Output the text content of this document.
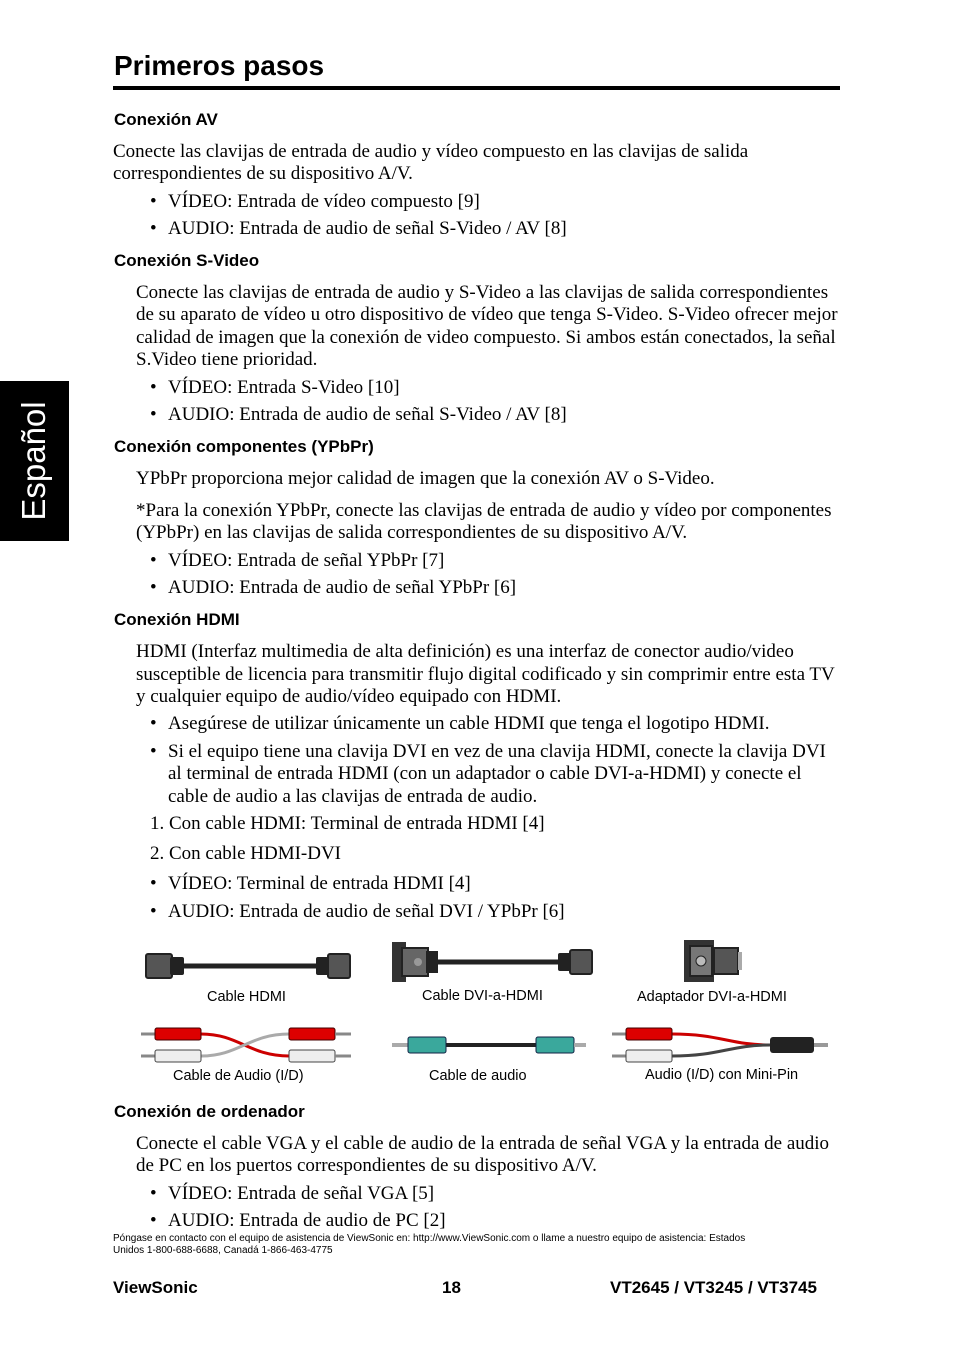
Primeros pasos
Español
Conexión AV
Conecte las clavijas de entrada de audio y vídeo compuesto en las clavijas de salida
correspondientes de su dispositivo A/V.
• VÍDEO: Entrada de vídeo compuesto [9]
• AUDIO: Entrada de audio de señal S-Video / AV [8]
Conexión S-Video
Conecte las clavijas de entrada de audio y S-Video a las clavijas de salida correspondientes
de su aparato de vídeo u otro dispositivo de vídeo que tenga S-Video. S-Video ofrecer mejor
calidad de imagen que la conexión de video compuesto. Si ambos están conectados, la señal
S.Video tiene prioridad.
• VÍDEO: Entrada S-Video [10]
• AUDIO: Entrada de audio de señal S-Video / AV [8]
Conexión componentes (YPbPr)
YPbPr proporciona mejor calidad de imagen que la conexión AV o S-Video.
*Para la conexión YPbPr, conecte las clavijas de entrada de audio y vídeo por componentes
(YPbPr) en las clavijas de salida correspondientes de su dispositivo A/V.
• VÍDEO: Entrada de señal YPbPr [7]
• AUDIO: Entrada de audio de señal YPbPr [6]
Conexión HDMI
HDMI (Interfaz multimedia de alta definición) es una interfaz de conector audio/video
susceptible de licencia para transmitir flujo digital codificado y sin comprimir entre esta TV
y cualquier equipo de audio/vídeo equipado con HDMI.
• Asegúrese de utilizar únicamente un cable HDMI que tenga el logotipo HDMI.
• Si el equipo tiene una clavija DVI en vez de una clavija HDMI, conecte la clavija DVI
al terminal de entrada HDMI (con un adaptador o cable DVI-a-HDMI) y conecte el
cable de audio a las clavijas de entrada de audio.
1. Con cable HDMI: Terminal de entrada HDMI [4]
2. Con cable HDMI-DVI
• VÍDEO: Terminal de entrada HDMI [4]
• AUDIO: Entrada de audio de señal DVI / YPbPr [6]
Cable HDMI	Cable DVI-a-HDMI	Adaptador DVI-a-HDMI
Cable de Audio (I/D)	Cable de audio	Audio (I/D) con Mini-Pin
Conexión de ordenador
Conecte el cable VGA y el cable de audio de la entrada de señal VGA y la entrada de audio
de PC en los puertos correspondientes de su dispositivo A/V.
• VÍDEO: Entrada de señal VGA [5]
• AUDIO: Entrada de audio de PC [2]
Póngase en contacto con el equipo de asistencia de ViewSonic en: http://www.ViewSonic.com o llame a nuestro equipo de asistencia: Estados
Unidos 1-800-688-6688, Canadá 1-866-463-4775
ViewSonic	18	VT2645 / VT3245 / VT3745
